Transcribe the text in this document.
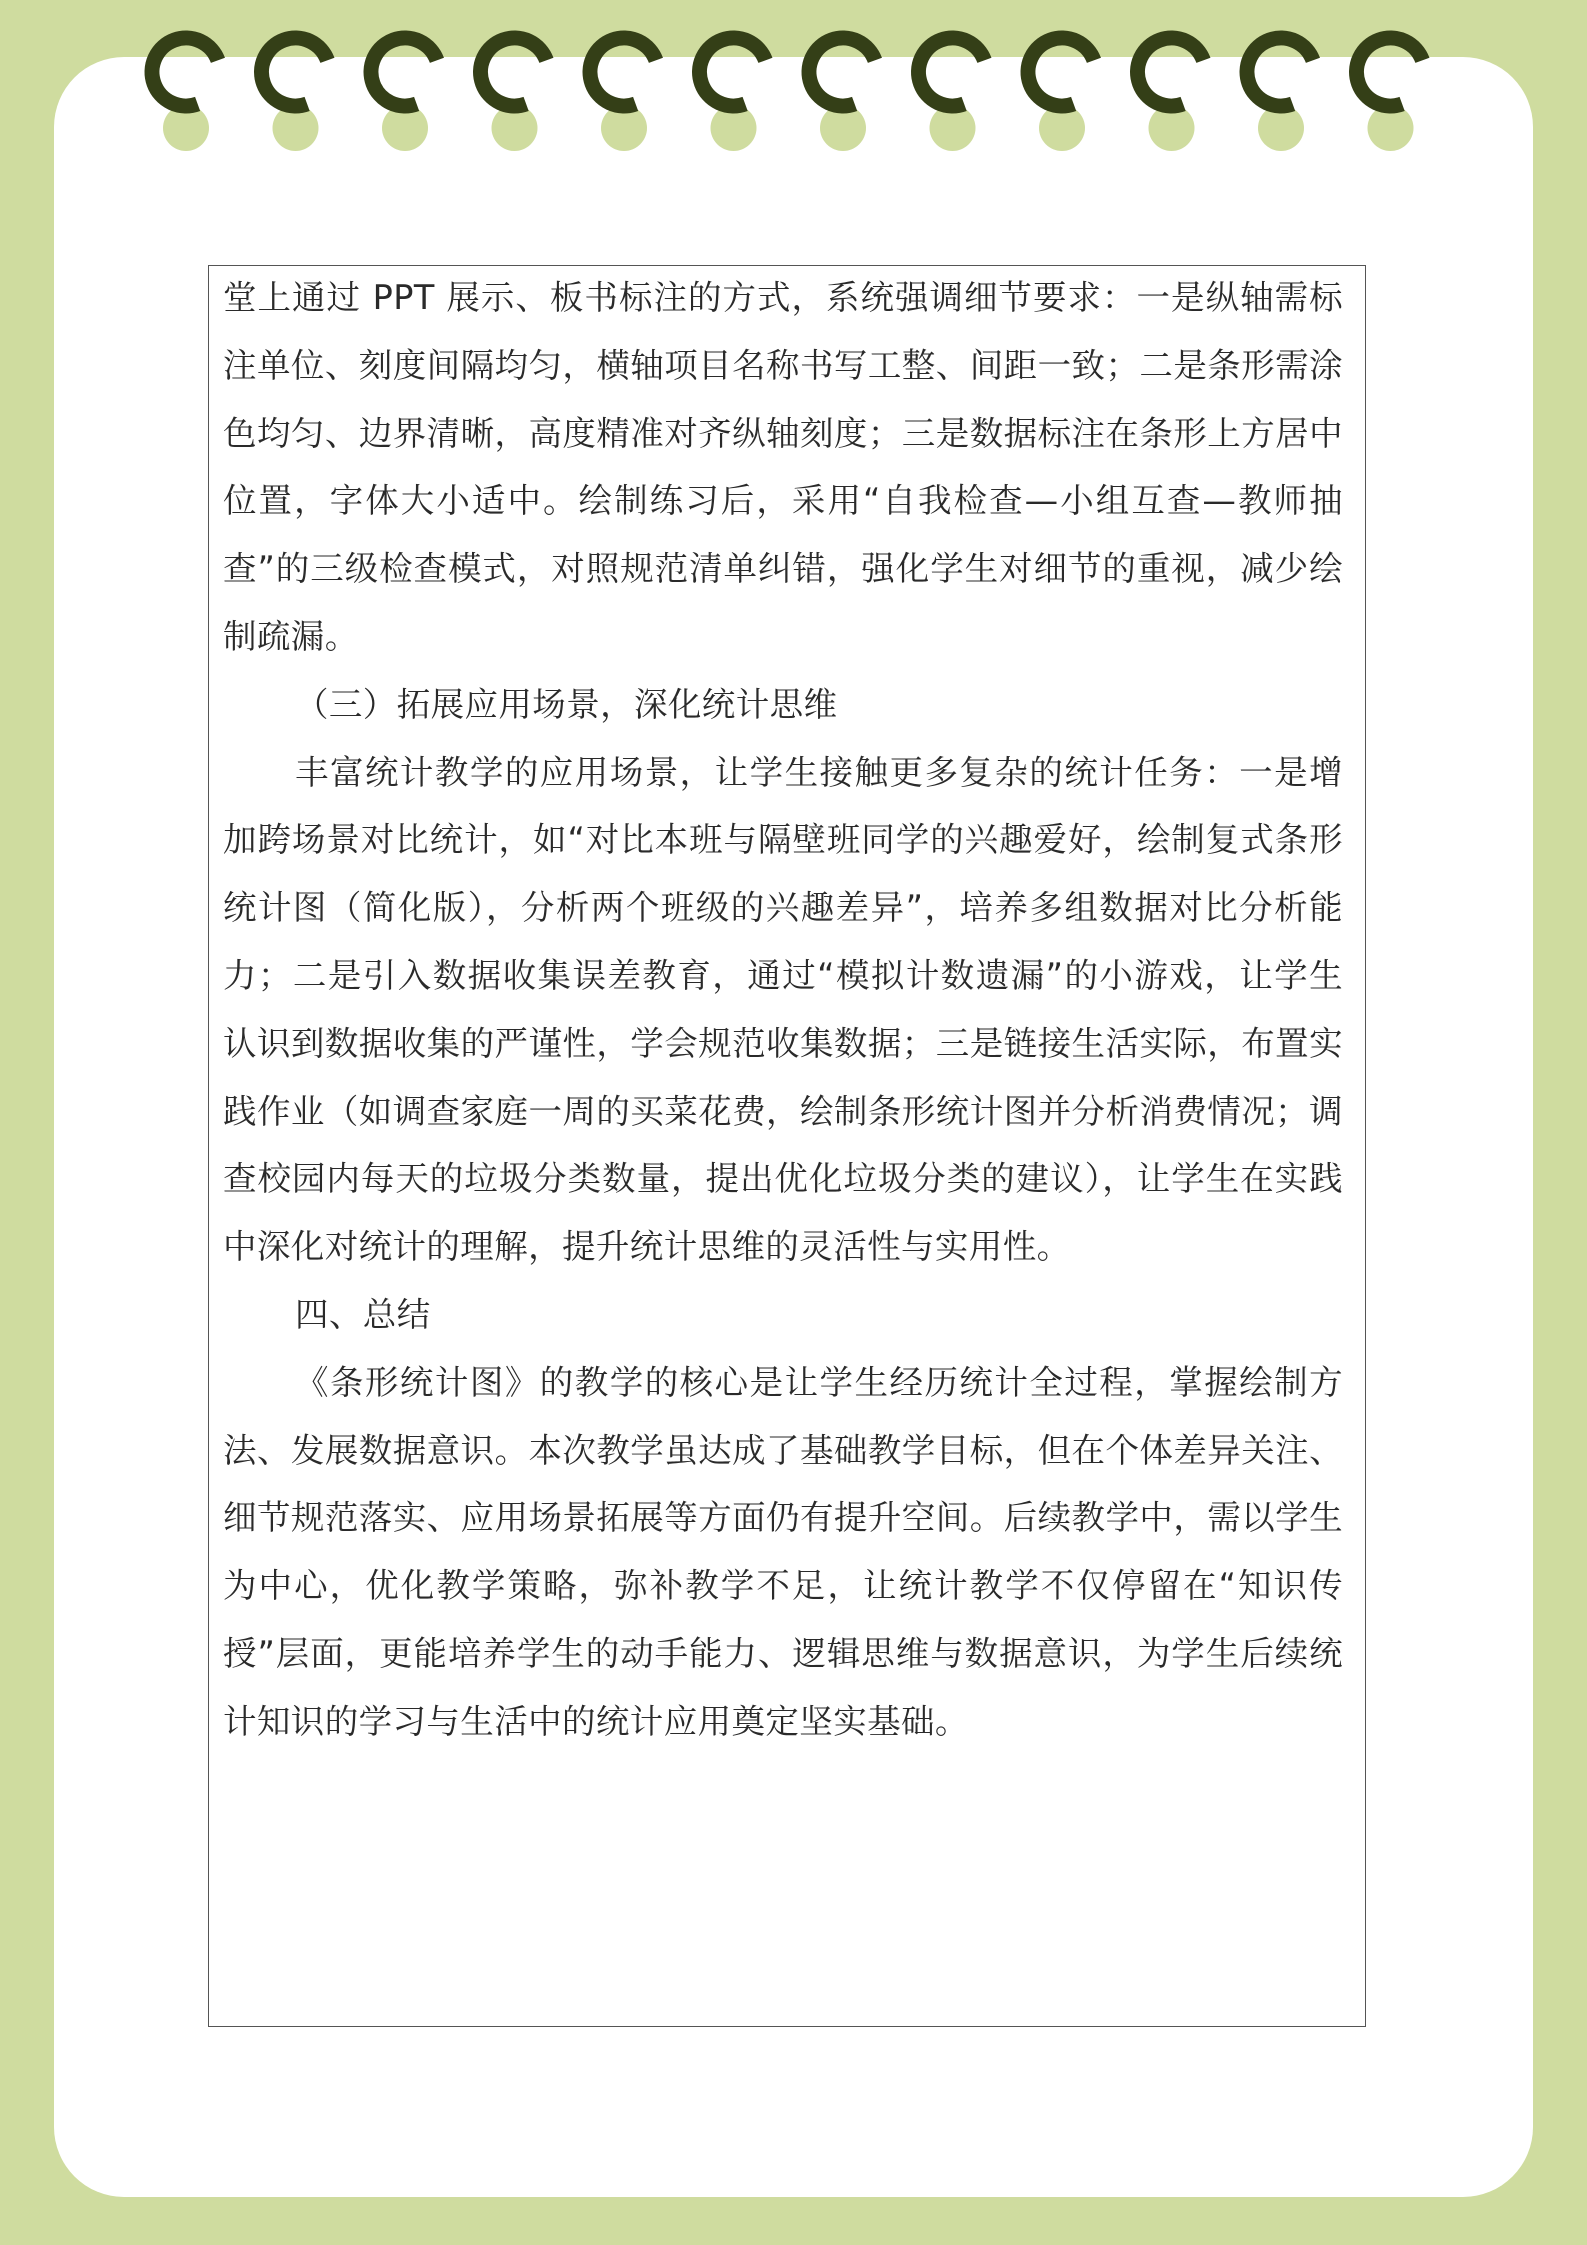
堂上通过 PPT 展示、板书标注的方式，系统强调细节要求：一是纵轴需标注单位、刻度间隔均匀，横轴项目名称书写工整、间距一致；二是条形需涂色均匀、边界清晰，高度精准对齐纵轴刻度；三是数据标注在条形上方居中位置，字体大小适中。绘制练习后，采用“自我检查—小组互查—教师抽查”的三级检查模式，对照规范清单纠错，强化学生对细节的重视，减少绘制疏漏。

（三）拓展应用场景，深化统计思维

丰富统计教学的应用场景，让学生接触更多复杂的统计任务：一是增加跨场景对比统计，如“对比本班与隔壁班同学的兴趣爱好，绘制复式条形统计图（简化版），分析两个班级的兴趣差异”，培养多组数据对比分析能力；二是引入数据收集误差教育，通过“模拟计数遗漏”的小游戏，让学生认识到数据收集的严谨性，学会规范收集数据；三是链接生活实际，布置实践作业（如调查家庭一周的买菜花费，绘制条形统计图并分析消费情况；调查校园内每天的垃圾分类数量，提出优化垃圾分类的建议），让学生在实践中深化对统计的理解，提升统计思维的灵活性与实用性。

四、总结

《条形统计图》的教学的核心是让学生经历统计全过程，掌握绘制方法、发展数据意识。本次教学虽达成了基础教学目标，但在个体差异关注、细节规范落实、应用场景拓展等方面仍有提升空间。后续教学中，需以学生为中心，优化教学策略，弥补教学不足，让统计教学不仅停留在“知识传授”层面，更能培养学生的动手能力、逻辑思维与数据意识，为学生后续统计知识的学习与生活中的统计应用奠定坚实基础。
